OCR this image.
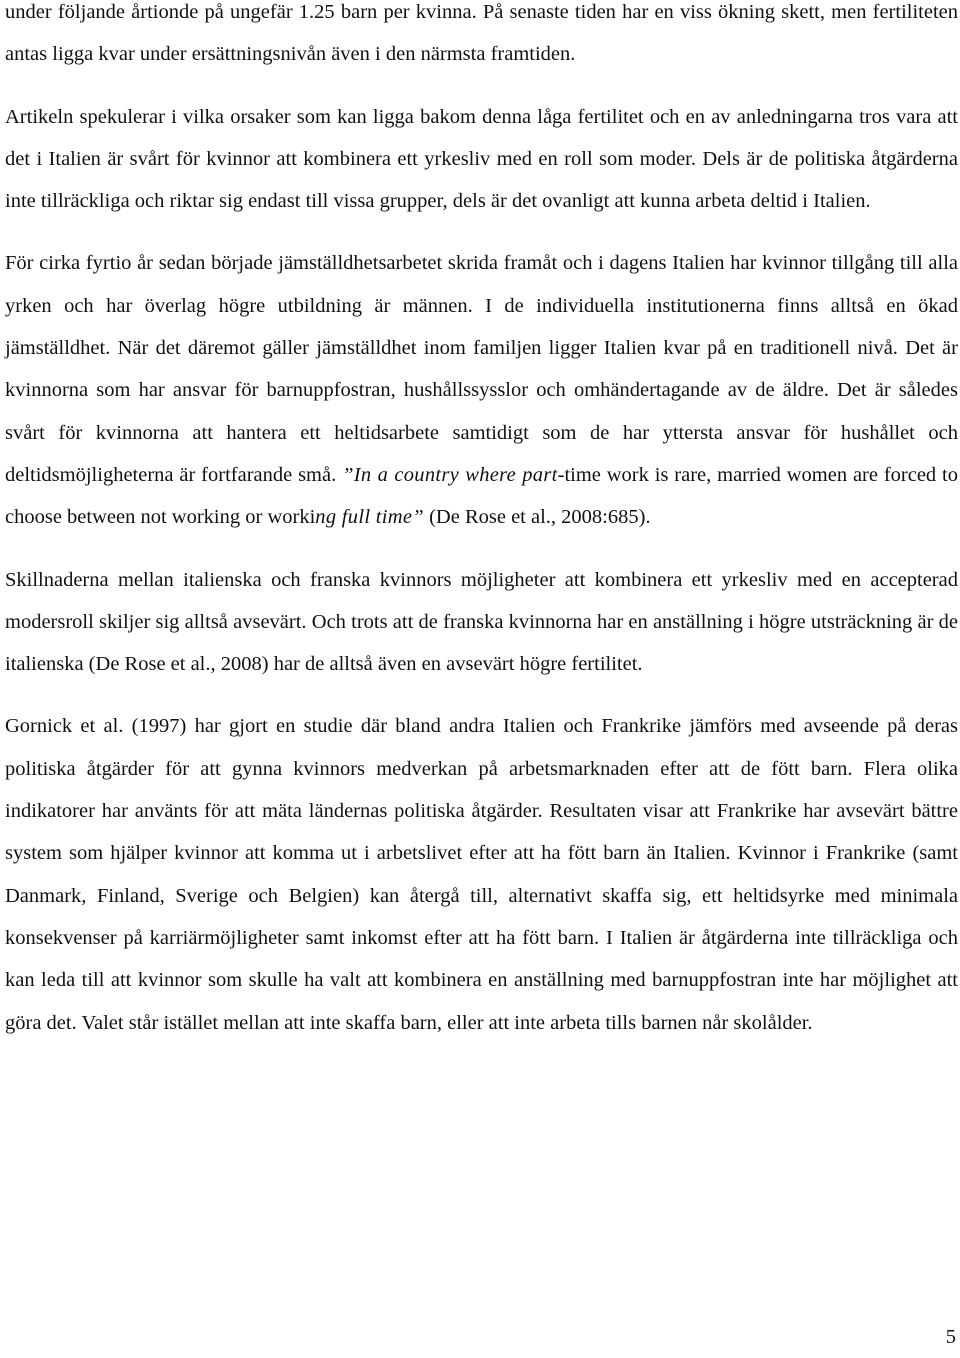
under följande årtionde på ungefär 1.25 barn per kvinna. På senaste tiden har en viss ökning skett, men fertiliteten antas ligga kvar under ersättningsnivån även i den närmsta framtiden.

Artikeln spekulerar i vilka orsaker som kan ligga bakom denna låga fertilitet och en av anledningarna tros vara att det i Italien är svårt för kvinnor att kombinera ett yrkesliv med en roll som moder. Dels är de politiska åtgärderna inte tillräckliga och riktar sig endast till vissa grupper, dels är det ovanligt att kunna arbeta deltid i Italien.

För cirka fyrtio år sedan började jämställdhetsarbetet skrida framåt och i dagens Italien har kvinnor tillgång till alla yrken och har överlag högre utbildning är männen. I de individuella institutionerna finns alltså en ökad jämställdhet. När det däremot gäller jämställdhet inom familjen ligger Italien kvar på en traditionell nivå. Det är kvinnorna som har ansvar för barnuppfostran, hushållssysslor och omhändertagande av de äldre. Det är således svårt för kvinnorna att hantera ett heltidsarbete samtidigt som de har yttersta ansvar för hushållet och deltidsmöjligheterna är fortfarande små. ”In a country where part-time work is rare, married women are forced to choose between not working or working full time” (De Rose et al., 2008:685).

Skillnaderna mellan italienska och franska kvinnors möjligheter att kombinera ett yrkesliv med en accepterad modersroll skiljer sig alltså avsevärt. Och trots att de franska kvinnorna har en anställning i högre utsträckning är de italienska (De Rose et al., 2008) har de alltså även en avsevärt högre fertilitet.

Gornick et al. (1997) har gjort en studie där bland andra Italien och Frankrike jämförs med avseende på deras politiska åtgärder för att gynna kvinnors medverkan på arbetsmarknaden efter att de fött barn. Flera olika indikatorer har använts för att mäta ländernas politiska åtgärder. Resultaten visar att Frankrike har avsevärt bättre system som hjälper kvinnor att komma ut i arbetslivet efter att ha fött barn än Italien. Kvinnor i Frankrike (samt Danmark, Finland, Sverige och Belgien) kan återgå till, alternativt skaffa sig, ett heltidsyrke med minimala konsekvenser på karriärmöjligheter samt inkomst efter att ha fött barn. I Italien är åtgärderna inte tillräckliga och kan leda till att kvinnor som skulle ha valt att kombinera en anställning med barnuppfostran inte har möjlighet att göra det. Valet står istället mellan att inte skaffa barn, eller att inte arbeta tills barnen når skolålder.

5
